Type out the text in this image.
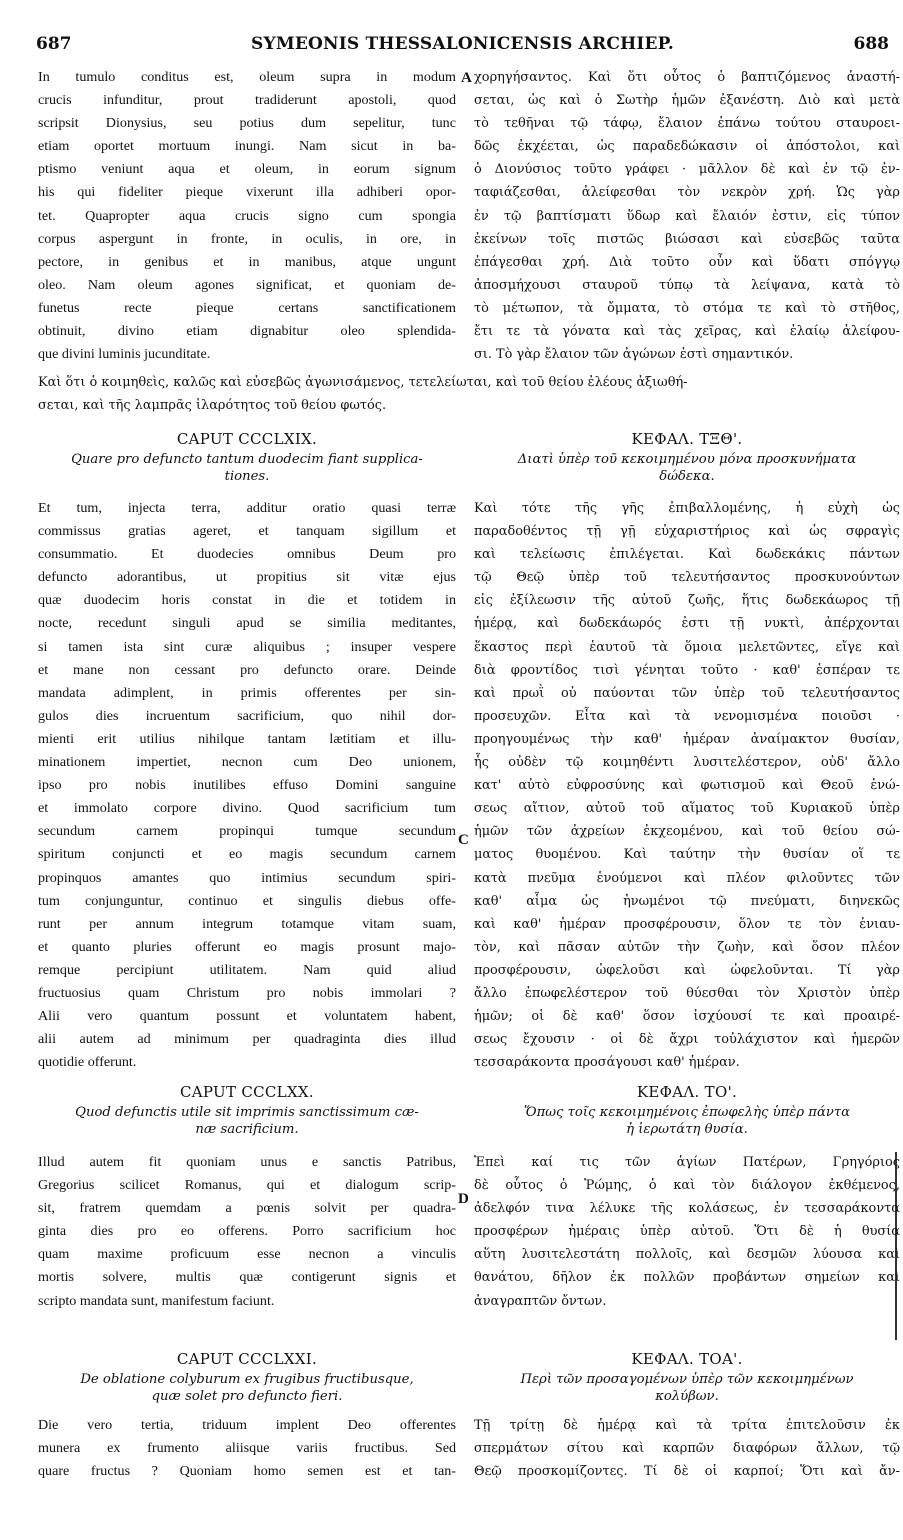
687	SYMEONIS THESSALONICENSIS ARCHIEP.	688
A
C
D
In tumulo conditus est, oleum supra in modum
crucis infunditur, prout tradiderunt apostoli, quod
scripsit Dionysius, seu potius dum sepelitur, tunc
etiam oportet mortuum inungi. Nam sicut in ba-
ptismo veniunt aqua et oleum, in eorum signum
his qui fideliter pieque vixerunt illa adhiberi opor-
tet. Quapropter aqua crucis signo cum spongia
corpus aspergunt in fronte, in oculis, in ore, in
pectore, in genibus et in manibus, atque ungunt
oleo. Nam oleum agones significat, et quoniam de-
funetus recte pieque certans sanctificationem
obtinuit, divino etiam dignabitur oleo splendida-
que divini luminis jucunditate.
χορηγήσαντος. Καὶ ὅτι οὗτος ὁ βαπτιζόμενος ἀναστή-
σεται, ὡς καὶ ὁ Σωτὴρ ἡμῶν ἐξανέστη. Διὸ καὶ μετὰ
τὸ τεθῆναι τῷ τάφῳ, ἔλαιον ἐπάνω τούτου σταυροει-
δῶς ἐκχέεται, ὡς παραδεδώκασιν οἱ ἀπόστολοι, καὶ
ὁ Διονύσιος τοῦτο γράφει · μᾶλλον δὲ καὶ ἐν τῷ ἐν-
ταφιάζεσθαι, ἀλείφεσθαι τὸν νεκρὸν χρή. Ὡς γὰρ
ἐν τῷ βαπτίσματι ὕδωρ καὶ ἔλαιόν ἐστιν, εἰς τύπον
ἐκείνων τοῖς πιστῶς βιώσασι καὶ εὐσεβῶς ταῦτα
ἐπάγεσθαι χρή. Διὰ τοῦτο οὖν καὶ ὕδατι σπόγγῳ
ἀποσμήχουσι σταυροῦ τύπῳ τὰ λείψανα, κατὰ τὸ
τὸ μέτωπον, τὰ ὄμματα, τὸ στόμα τε καὶ τὸ στῆθος,
ἔτι τε τὰ γόνατα καὶ τὰς χεῖρας, καὶ ἐλαίῳ ἀλείφου-
σι. Τὸ γὰρ ἔλαιον τῶν ἀγώνων ἐστὶ σημαντικόν.
Καὶ ὅτι ὁ κοιμηθεὶς, καλῶς καὶ εὐσεβῶς ἀγωνισάμενος, τετελείωται, καὶ τοῦ θείου ἐλέους ἀξιωθή-
σεται, καὶ τῆς λαμπρᾶς ἱλαρότητος τοῦ θείου φωτός.
CAPUT CCCLXIX.
Quare pro defuncto tantum duodecim fiant supplica-
tiones.
ΚΕΦΑΛ. ΤΞΘ'.
Διατὶ ὑπὲρ τοῦ κεκοιμημένου μόνα προσκυνήματα
δώδεκα.
Et tum, injecta terra, additur oratio quasi terræ
commissus gratias ageret, et tanquam sigillum et
consummatio. Et duodecies omnibus Deum pro
defuncto adorantibus, ut propitius sit vitæ ejus
quæ duodecim horis constat in die et totidem in
nocte, recedunt singuli apud se similia meditantes,
si tamen ista sint curæ aliquibus ; insuper vespere
et mane non cessant pro defuncto orare. Deinde
mandata adimplent, in primis offerentes per sin-
gulos dies incruentum sacrificium, quo nihil dor-
mienti erit utilius nihilque tantam lætitiam et illu-
minationem impertiet, necnon cum Deo unionem,
ipso pro nobis inutilibes effuso Domini sanguine
et immolato corpore divino. Quod sacrificium tum
secundum carnem propinqui tumque secundum
spiritum conjuncti et eo magis secundum carnem
propinquos amantes quo intimius secundum spiri-
tum conjunguntur, continuo et singulis diebus offe-
runt per annum integrum totamque vitam suam,
et quanto pluries offerunt eo magis prosunt majo-
remque percipiunt utilitatem. Nam quid aliud
fructuosius quam Christum pro nobis immolari ?
Alii vero quantum possunt et voluntatem habent,
alii autem ad minimum per quadraginta dies illud
quotidie offerunt.
Καὶ τότε τῆς γῆς ἐπιβαλλομένης, ἡ εὐχὴ ὡς
παραδοθέντος τῇ γῇ εὐχαριστήριος καὶ ὡς σφραγὶς
καὶ τελείωσις ἐπιλέγεται. Καὶ δωδεκάκις πάντων
τῷ Θεῷ ὑπὲρ τοῦ τελευτήσαντος προσκυνούντων
εἰς ἐξίλεωσιν τῆς αὐτοῦ ζωῆς, ἥτις δωδεκάωρος τῇ
ἡμέρᾳ, καὶ δωδεκάωρός ἐστι τῇ νυκτὶ, ἀπέρχονται
ἕκαστος περὶ ἑαυτοῦ τὰ ὅμοια μελετῶντες, εἴγε καὶ
διὰ φροντίδος τισὶ γένηται τοῦτο · καθ' ἑσπέραν τε
καὶ πρωῒ οὐ παύονται τῶν ὑπὲρ τοῦ τελευτήσαντος
προσευχῶν. Εἶτα καὶ τὰ νενομισμένα ποιοῦσι ·
προηγουμένως τὴν καθ' ἡμέραν ἀναίμακτον θυσίαν,
ἧς οὐδὲν τῷ κοιμηθέντι λυσιτελέστερον, οὐδ' ἄλλο
κατ' αὐτὸ εὐφροσύνης καὶ φωτισμοῦ καὶ Θεοῦ ἑνώ-
σεως αἴτιον, αὐτοῦ τοῦ αἵματος τοῦ Κυριακοῦ ὑπὲρ
ἡμῶν τῶν ἀχρείων ἐκχεομένου, καὶ τοῦ θείου σώ-
ματος θυομένου. Καὶ ταύτην τὴν θυσίαν οἵ τε
κατὰ πνεῦμα ἑνούμενοι καὶ πλέον φιλοῦντες τῶν
καθ' αἷμα ὡς ἡνωμένοι τῷ πνεύματι, διηνεκῶς
καὶ καθ' ἡμέραν προσφέρουσιν, ὅλον τε τὸν ἐνιαυ-
τὸν, καὶ πᾶσαν αὐτῶν τὴν ζωὴν, καὶ ὅσον πλέον
προσφέρουσιν, ὠφελοῦσι καὶ ὠφελοῦνται. Τί γὰρ
ἄλλο ἐπωφελέστερον τοῦ θύεσθαι τὸν Χριστὸν ὑπὲρ
ἡμῶν; οἱ δὲ καθ' ὅσον ἰσχύουσί τε καὶ προαιρέ-
σεως ἔχουσιν · οἱ δὲ ἄχρι τοὐλάχιστον καὶ ἡμερῶν
τεσσαράκοντα προσάγουσι καθ' ἡμέραν.
CAPUT CCCLXX.
Quod defunctis utile sit imprimis sanctissimum cæ-
næ sacrificium.
ΚΕΦΑΛ. ΤΟ'.
Ὅπως τοῖς κεκοιμημένοις ἐπωφελὴς ὑπὲρ πάντα
ἡ ἱερωτάτη θυσία.
Illud autem fit quoniam unus e sanctis Patribus,
Gregorius scilicet Romanus, qui et dialogum scrip-
sit, fratrem quemdam a pœnis solvit per quadra-
ginta dies pro eo offerens. Porro sacrificium hoc
quam maxime proficuum esse necnon a vinculis
mortis solvere, multis quæ contigerunt signis et
scripto mandata sunt, manifestum faciunt.
Ἐπεὶ καί τις τῶν ἁγίων Πατέρων, Γρηγόριος
δὲ οὗτος ὁ Ῥώμης, ὁ καὶ τὸν διάλογον ἐκθέμενος,
ἀδελφόν τινα λέλυκε τῆς κολάσεως, ἐν τεσσαράκοντα
προσφέρων ἡμέραις ὑπὲρ αὐτοῦ. Ὅτι δὲ ἡ θυσία
αὕτη λυσιτελεστάτη πολλοῖς, καὶ δεσμῶν λύουσα καὶ
θανάτου, δῆλον ἐκ πολλῶν προβάντων σημείων καὶ
ἀναγραπτῶν ὄντων.
CAPUT CCCLXXI.
De oblatione colyburum ex frugibus fructibusque,
quæ solet pro defuncto fieri.
ΚΕΦΑΛ. ΤΟΑ'.
Περὶ τῶν προσαγομένων ὑπὲρ τῶν κεκοιμημένων
κολύβων.
Die vero tertia, triduum implent Deo offerentes
munera ex frumento aliisque variis fructibus. Sed
quare fructus ? Quoniam homo semen est et tan-
Τῇ τρίτῃ δὲ ἡμέρᾳ καὶ τὰ τρίτα ἐπιτελοῦσιν ἐκ
σπερμάτων σίτου καὶ καρπῶν διαφόρων ἄλλων, τῷ
Θεῷ προσκομίζοντες. Τί δὲ οἱ καρποί; Ὅτι καὶ ἄν-
